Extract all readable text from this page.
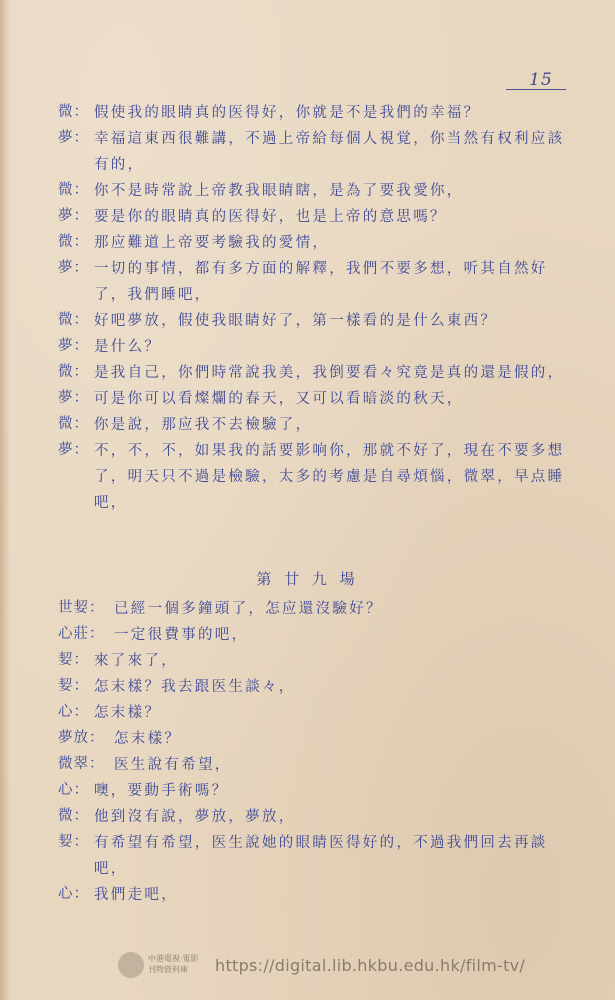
15
微： 假使我的眼睛真的医得好，你就是不是我們的幸福？
夢： 幸福這東西很難講，不過上帝給每個人視覚，你当然有权利应該有的，
微： 你不是時常說上帝教我眼睛瞎，是為了要我愛你，
夢： 要是你的眼睛真的医得好，也是上帝的意思嗎？
微： 那应難道上帝要考驗我的愛情，
夢： 一切的事情，都有多方面的解釋，我們不要多想，听其自然好了，我們睡吧，
微： 好吧夢放，假使我眼睛好了，第一樣看的是什么東西？
夢： 是什么？
微： 是我自己，你們時常說我美，我倒要看々究竟是真的還是假的，
夢： 可是你可以看燦爛的春天，又可以看暗淡的秋天，
微： 你是說，那应我不去檢驗了，
夢： 不，不，不，如果我的話要影响你，那就不好了，現在不要多想了，明天只不過是檢驗，太多的考慮是自尋煩惱，微翠，早点睡吧，
第 廿 九 場
世㛃： 已經一個多鐘頭了，怎应還沒驗好？
心莊： 一定很費事的吧，
㛃： 來了來了，
㛃： 怎末樣？我去跟医生談々，
心： 怎末樣？
夢放： 怎末樣？
微翠： 医生說有希望，
心： 噢，要動手術嗎？
微： 他到沒有說，夢放，夢放，
㛃： 有希望有希望，医生說她的眼睛医得好的，不過我們回去再談吧，
心： 我們走吧，
中港電視·電影
刊物資料庫	https://digital.lib.hkbu.edu.hk/film-tv/
